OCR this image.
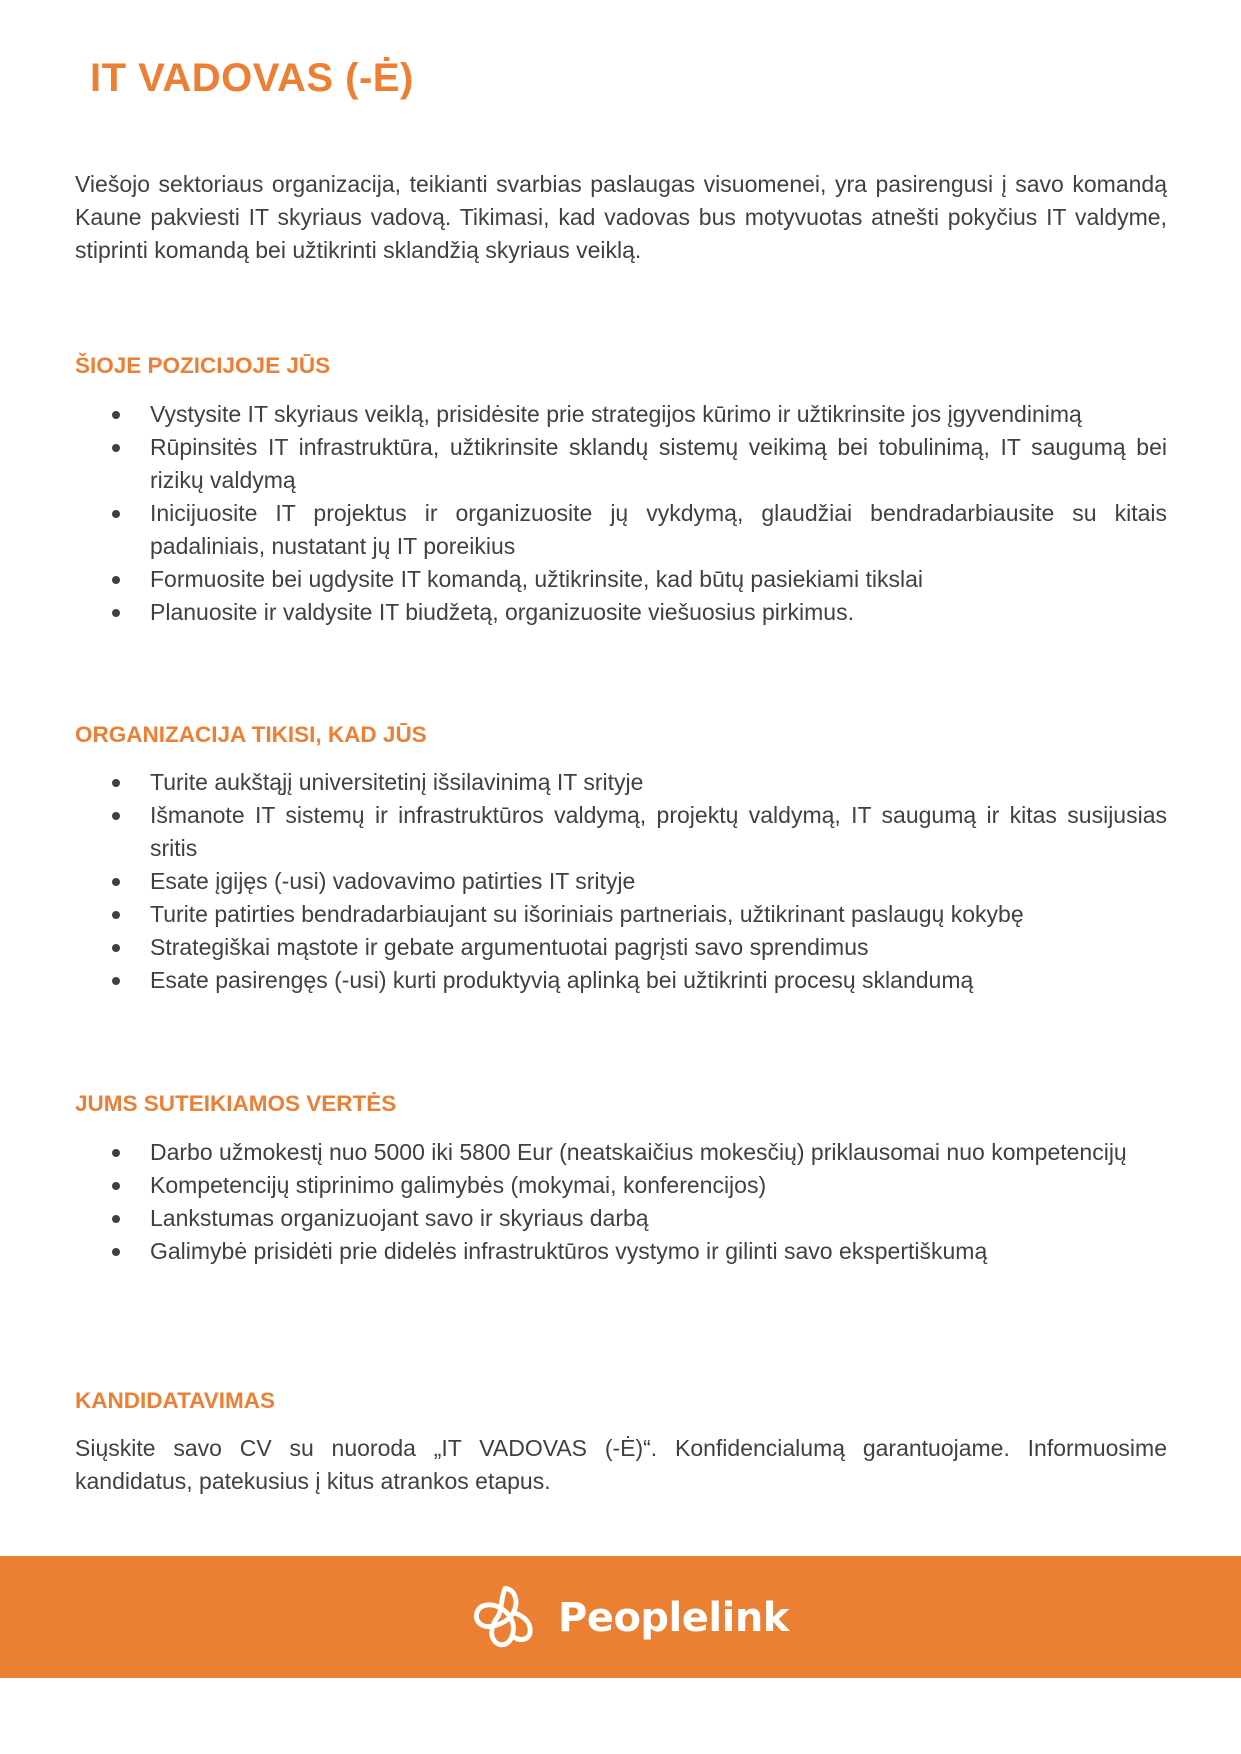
IT VADOVAS (-Ė)

Viešojo sektoriaus organizacija, teikianti svarbias paslaugas visuomenei, yra pasirengusi į savo komandą Kaune pakviesti IT skyriaus vadovą. Tikimasi, kad vadovas bus motyvuotas atnešti pokyčius IT valdyme, stiprinti komandą bei užtikrinti sklandžią skyriaus veiklą.

ŠIOJE POZICIJOJE JŪS
Vystysite IT skyriaus veiklą, prisidėsite prie strategijos kūrimo ir užtikrinsite jos įgyvendinimą
Rūpinsitės IT infrastruktūra, užtikrinsite sklandų sistemų veikimą bei tobulinimą, IT saugumą bei rizikų valdymą
Inicijuosite IT projektus ir organizuosite jų vykdymą, glaudžiai bendradarbiausite su kitais padaliniais, nustatant jų IT poreikius
Formuosite bei ugdysite IT komandą, užtikrinsite, kad būtų pasiekiami tikslai
Planuosite ir valdysite IT biudžetą, organizuosite viešuosius pirkimus.
ORGANIZACIJA TIKISI, KAD JŪS
Turite aukštąjį universitetinį išsilavinimą IT srityje
Išmanote IT sistemų ir infrastruktūros valdymą, projektų valdymą, IT saugumą ir kitas susijusias sritis
Esate įgijęs (-usi) vadovavimo patirties IT srityje
Turite patirties bendradarbiaujant su išoriniais partneriais, užtikrinant paslaugų kokybę
Strategiškai mąstote ir gebate argumentuotai pagrįsti savo sprendimus
Esate pasirengęs (-usi) kurti produktyvią aplinką bei užtikrinti procesų sklandumą
JUMS SUTEIKIAMOS VERTĖS
Darbo užmokestį nuo 5000 iki 5800 Eur (neatskaičius mokesčių) priklausomai nuo kompetencijų
Kompetencijų stiprinimo galimybės (mokymai, konferencijos)
Lankstumas organizuojant savo ir skyriaus darbą
Galimybė prisidėti prie didelės infrastruktūros vystymo ir gilinti savo ekspertiškumą
KANDIDATAVIMAS

Siųskite savo CV su nuoroda „IT VADOVAS (-Ė)“. Konfidencialumą garantuojame. Informuosime kandidatus, patekusius į kitus atrankos etapus.

Peoplelink
